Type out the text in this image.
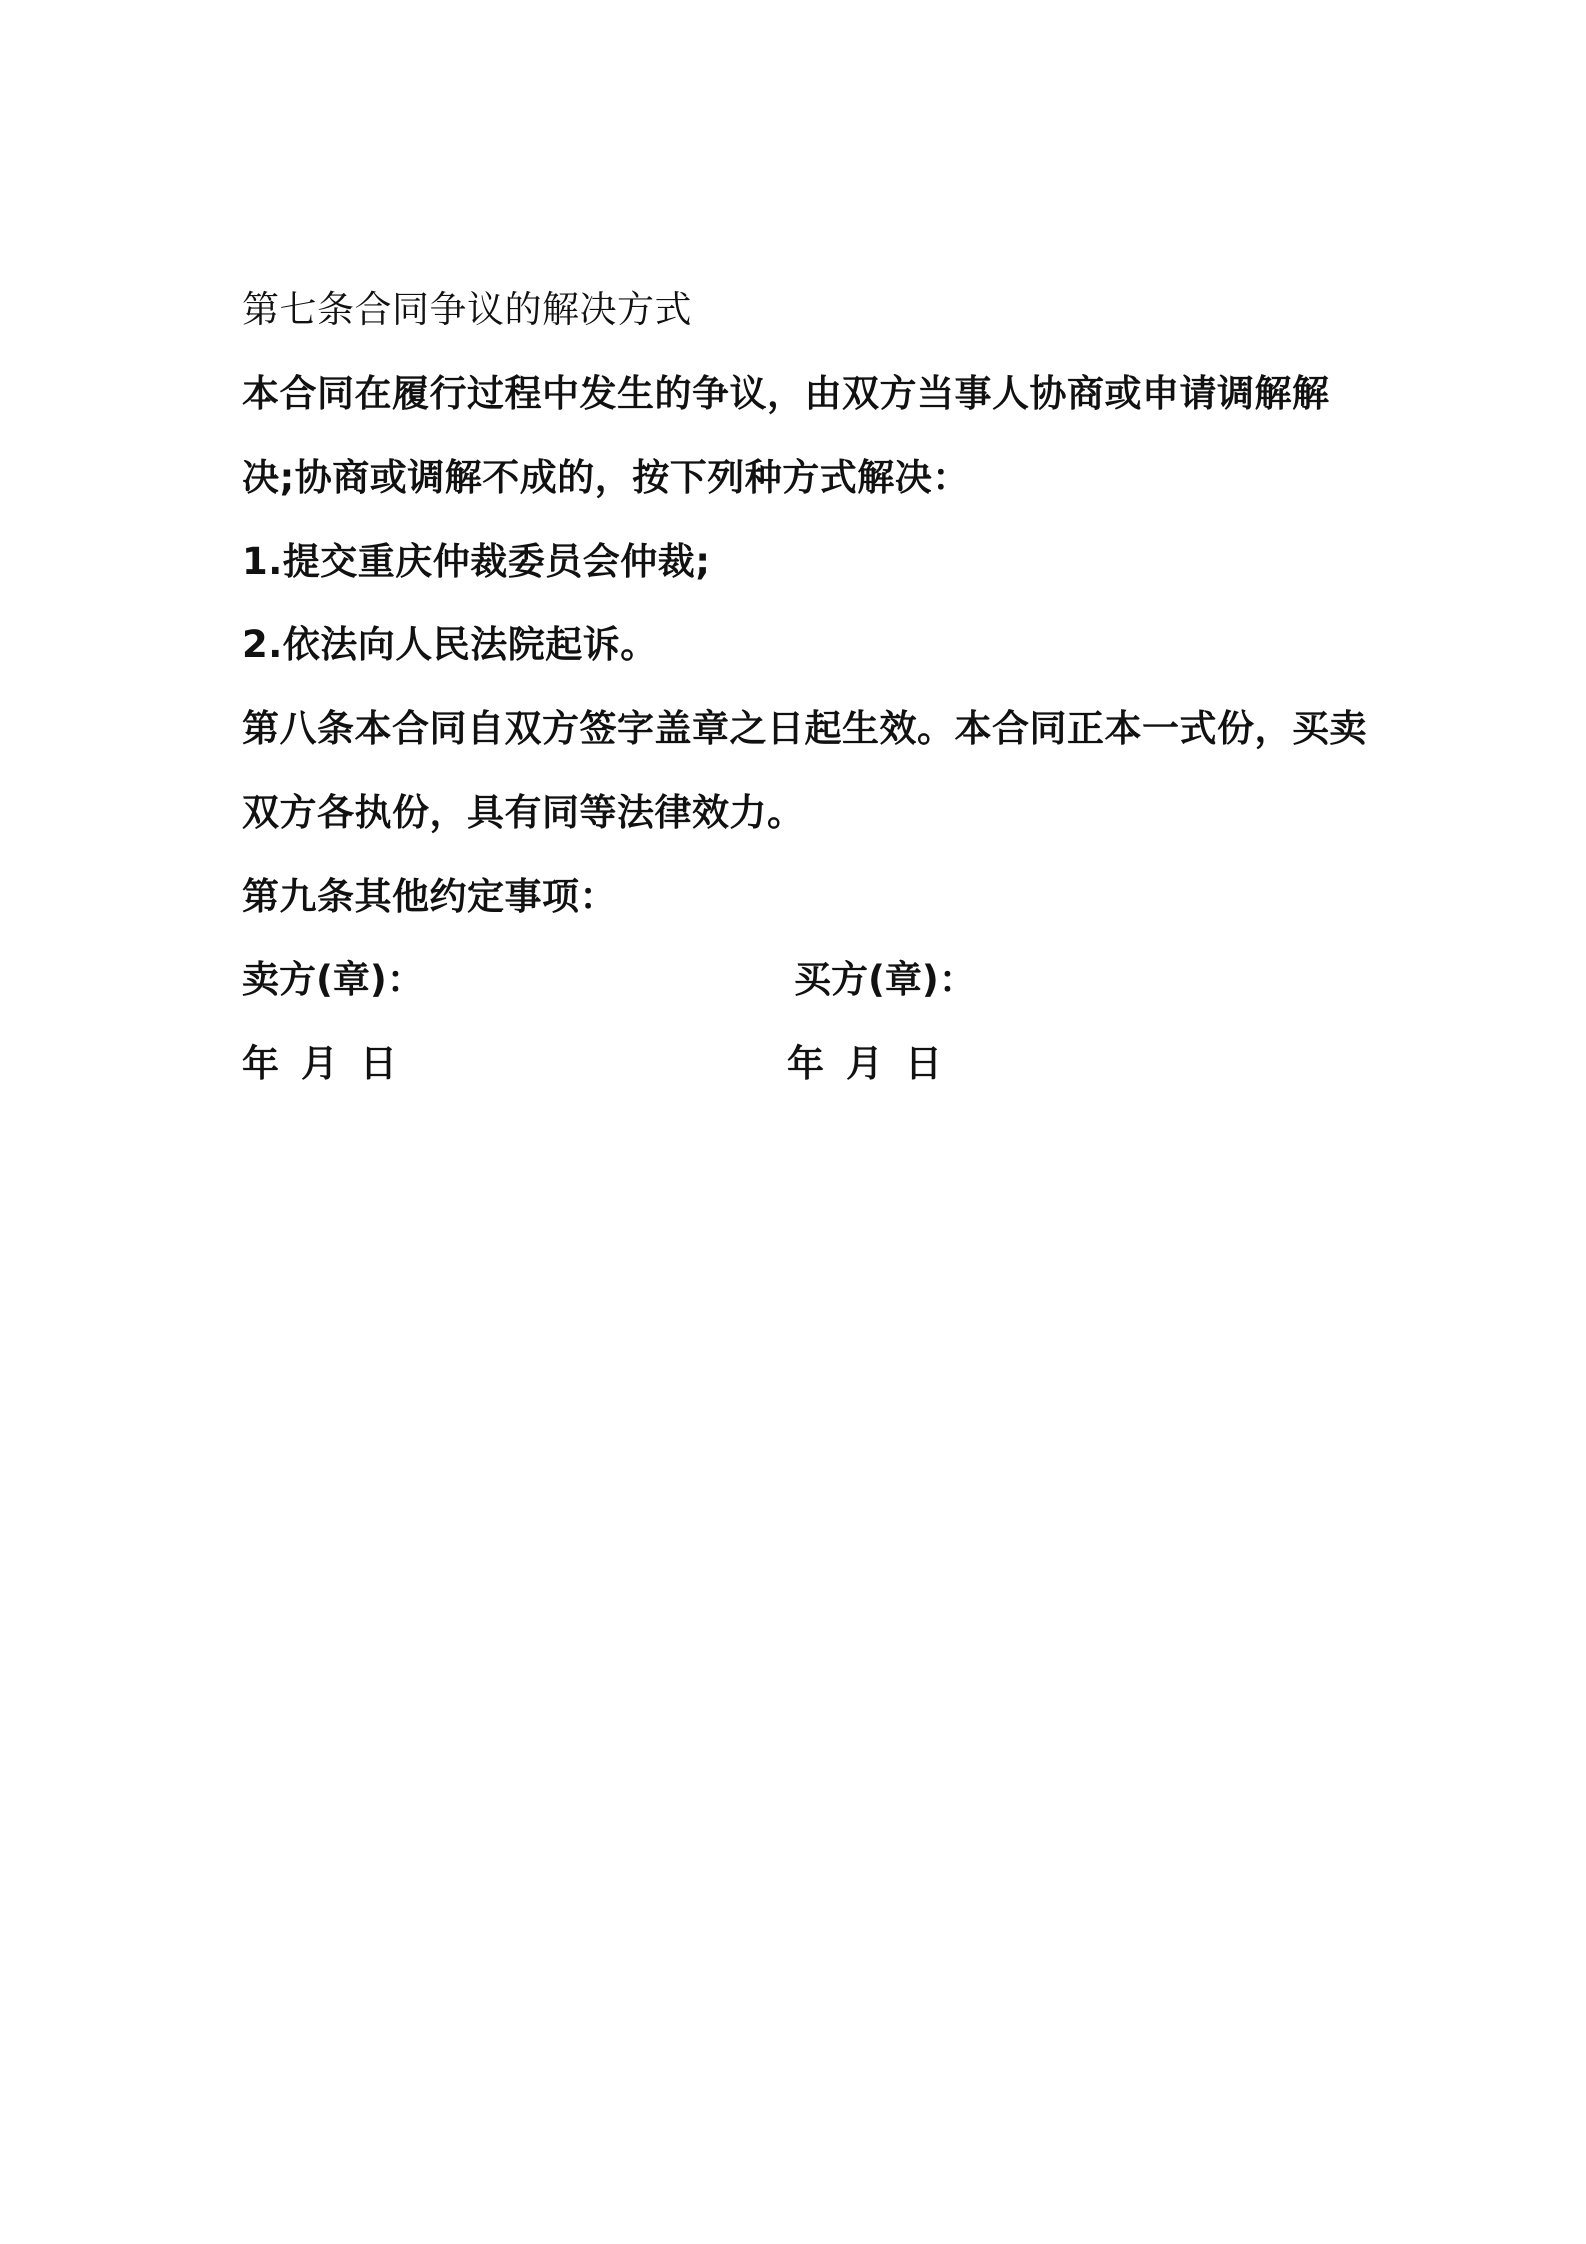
第七条合同争议的解决方式
本合同在履行过程中发生的争议，由双方当事人协商或申请调解解
决;协商或调解不成的，按下列种方式解决：
1.提交重庆仲裁委员会仲裁;
2.依法向人民法院起诉。
第八条本合同自双方签字盖章之日起生效。本合同正本一式份，买卖
双方各执份，具有同等法律效力。
第九条其他约定事项：
卖方(章)：	买方(章)：
年 月 日	年 月 日
